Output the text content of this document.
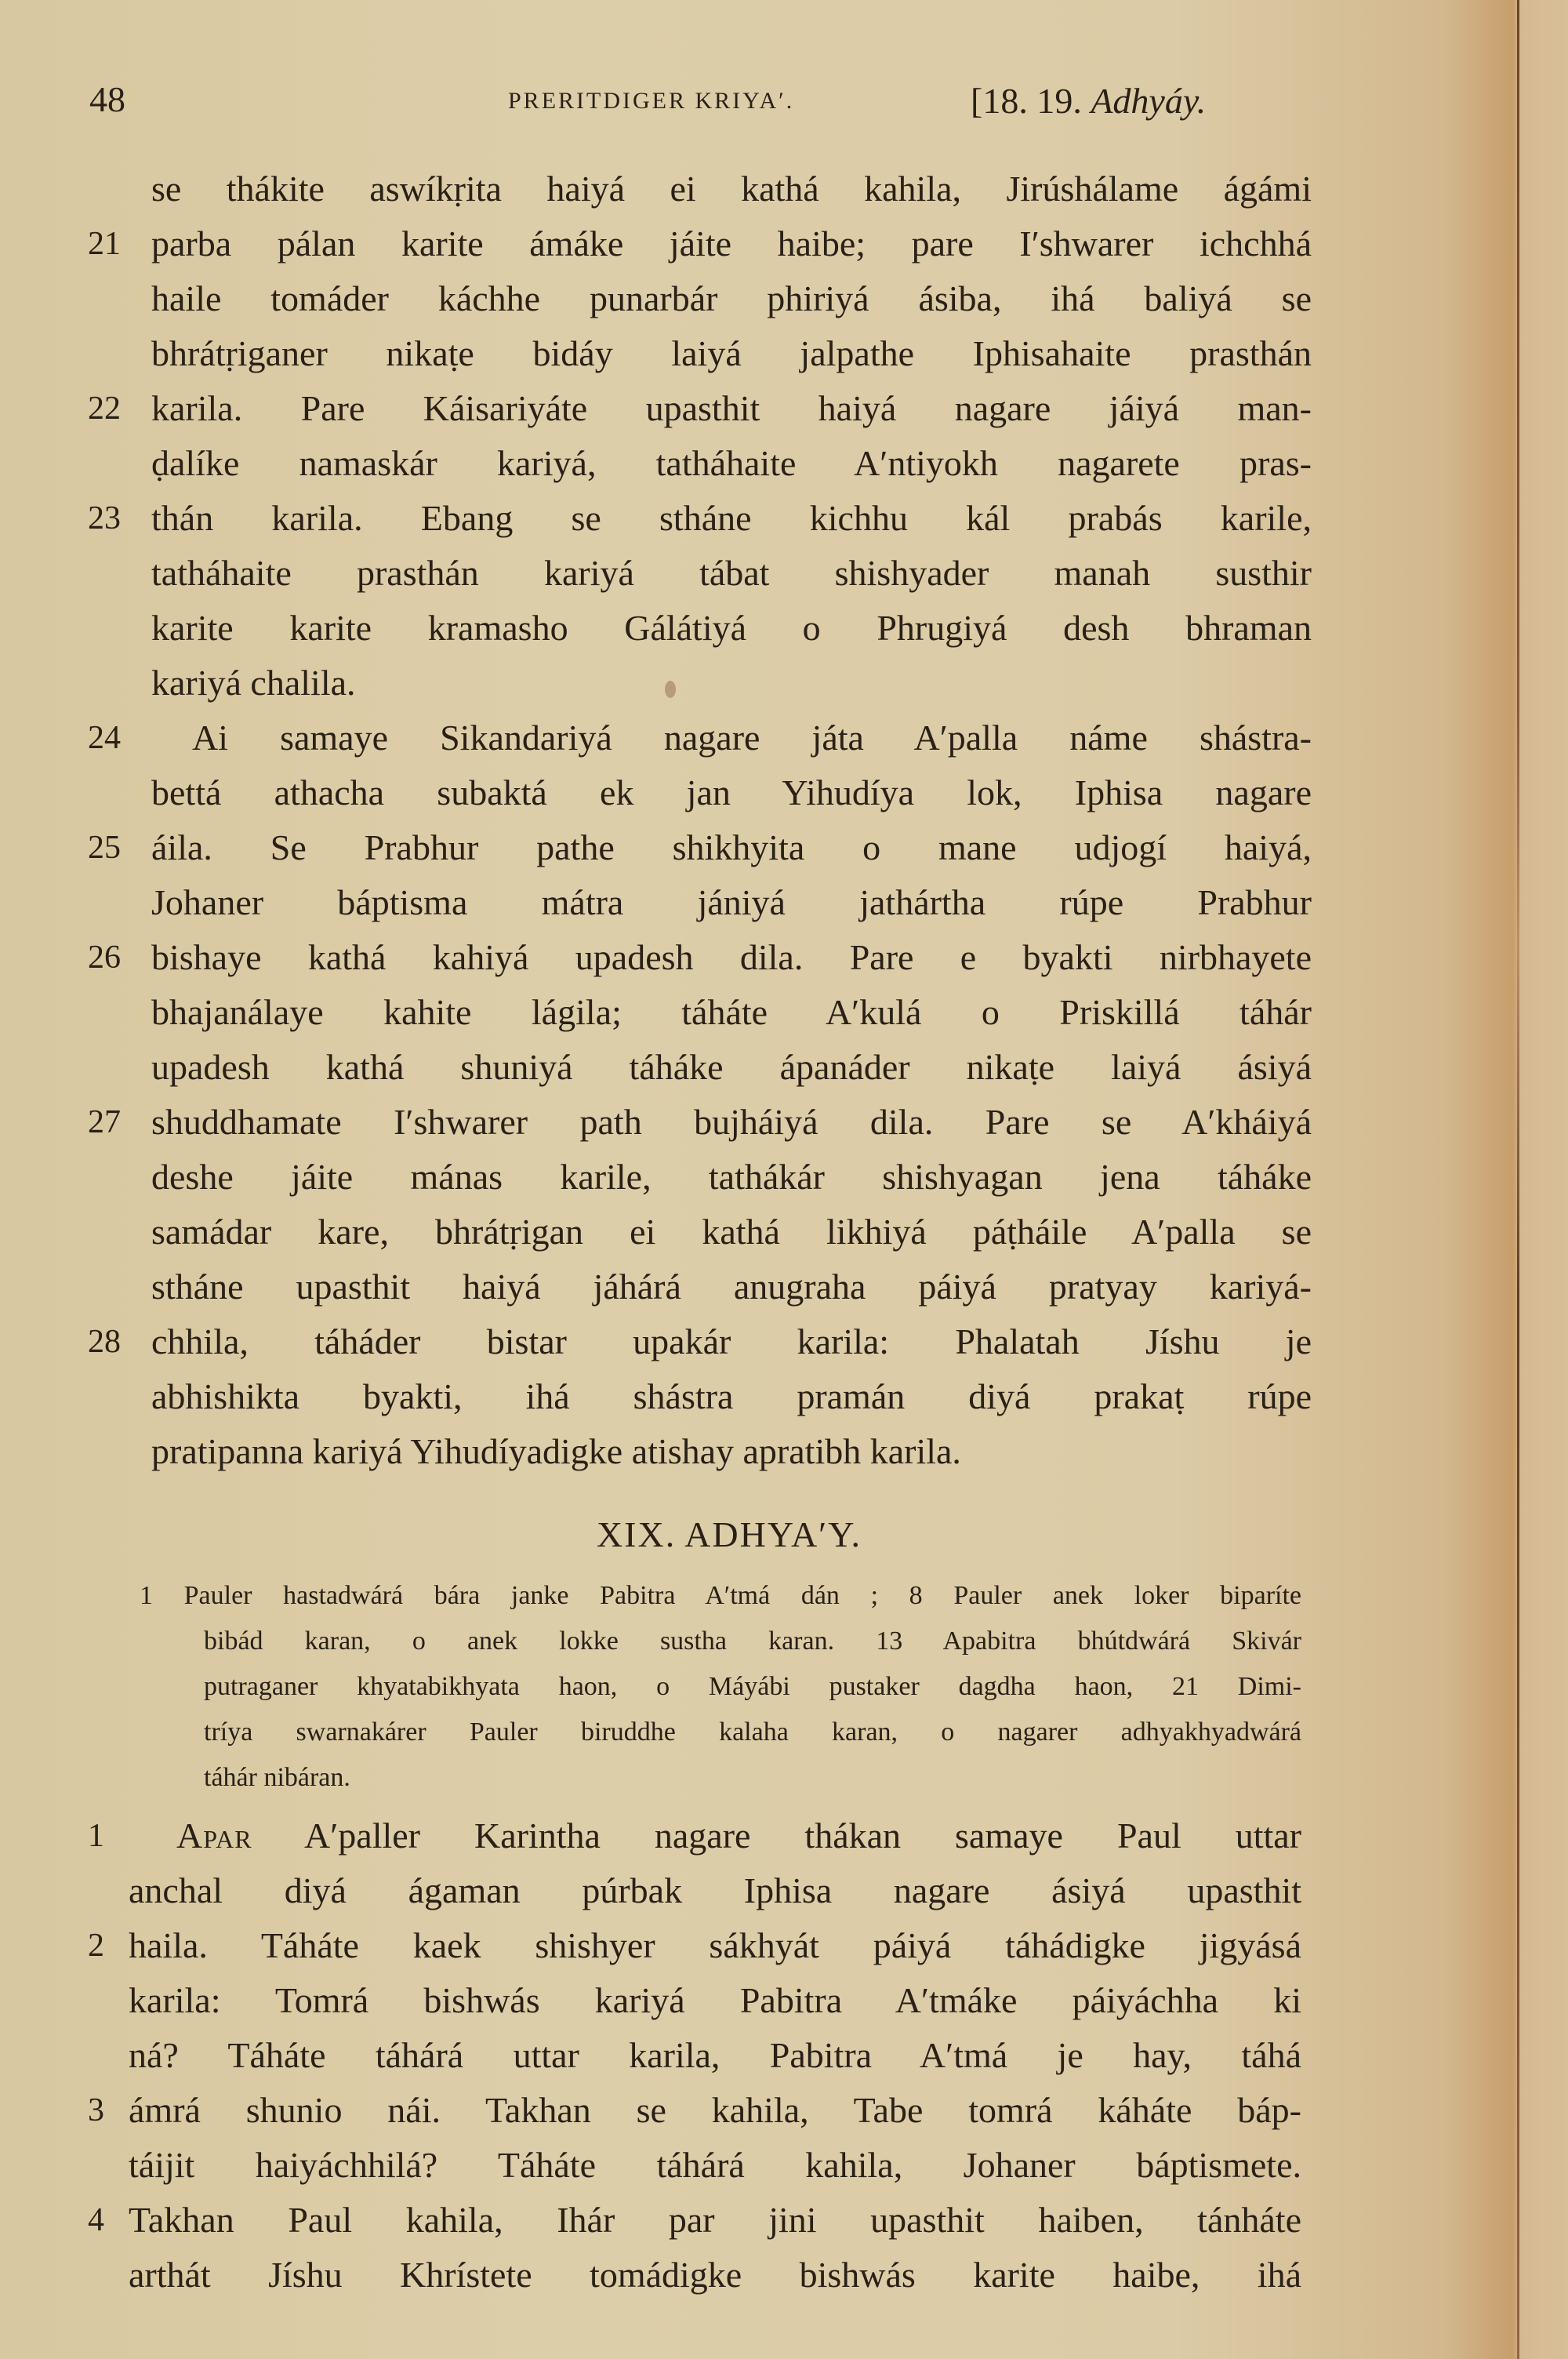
48	PRERITDIGER KRIYA′.	[18. 19. Adhyáy.
se thákite aswíkṛita haiyá ei kathá kahila, Jirúshálame ágámi
21 parba pálan karite ámáke jáite haibe; pare I′shwarer ichchhá
haile tomáder káchhe punarbár phiriyá ásiba, ihá baliyá se
bhrátṛiganer nikaṭe bidáy laiyá jalpathe Iphisahaite prasthán
22 karila. Pare Káisariyáte upasthit haiyá nagare jáiyá man-
ḍalíke namaskár kariyá, tatháhaite A′ntiyokh nagarete pras-
23 thán karila. Ebang se stháne kichhu kál prabás karile,
tatháhaite prasthán kariyá tábat shishyader manah susthir
karite karite kramasho Gálátiyá o Phrugiyá desh bhraman
kariyá chalila.
24	Ai samaye Sikandariyá nagare játa A′palla náme shástra-
bettá athacha subaktá ek jan Yihudíya lok, Iphisa nagare
25 áila. Se Prabhur pathe shikhyita o mane udjogí haiyá,
Johaner báptisma mátra jániyá jathártha rúpe Prabhur
26 bishaye kathá kahiyá upadesh dila. Pare e byakti nirbhayete
bhajanálaye kahite lágila; táháte A′kulá o Priskillá táhár
upadesh kathá shuniyá táháke ápanáder nikaṭe laiyá ásiyá
27 shuddhamate I′shwarer path bujháiyá dila. Pare se A′kháiyá
deshe jáite mánas karile, tathákár shishyagan jena táháke
samádar kare, bhrátṛigan ei kathá likhiyá páṭháile A′palla se
stháne upasthit haiyá jáhárá anugraha páiyá pratyay kariyá-
28 chhila, táháder bistar upakár karila: Phalatah Jíshu je
abhishikta byakti, ihá shástra pramán diyá prakaṭ rúpe
pratipanna kariyá Yihudíyadigke atishay apratibh karila.
XIX. ADHYA′Y.
1 Pauler hastadwárá bára janke Pabitra A′tmá dán ; 8 Pauler anek loker biparíte
bibád karan, o anek lokke sustha karan. 13 Apabitra bhútdwárá Skivár
putraganer khyatabikhyata haon, o Máyábi pustaker dagdha haon, 21 Dimi-
tríya swarnakárer Pauler biruddhe kalaha karan, o nagarer adhyakhyadwárá
táhár nibáran.
1	Apar A′paller Karintha nagare thákan samaye Paul uttar
anchal diyá ágaman púrbak Iphisa nagare ásiyá upasthit
2 haila. Táháte kaek shishyer sákhyát páiyá táhádigke jigyásá
karila: Tomrá bishwás kariyá Pabitra A′tmáke páiyáchha ki
ná? Táháte táhárá uttar karila, Pabitra A′tmá je hay, táhá
3 ámrá shunio nái. Takhan se kahila, Tabe tomrá káháte báp-
táijit haiyáchhilá? Táháte táhárá kahila, Johaner báptismete.
4 Takhan Paul kahila, Ihár par jini upasthit haiben, tánháte
arthát Jíshu Khrístete tomádigke bishwás karite haibe, ihá
